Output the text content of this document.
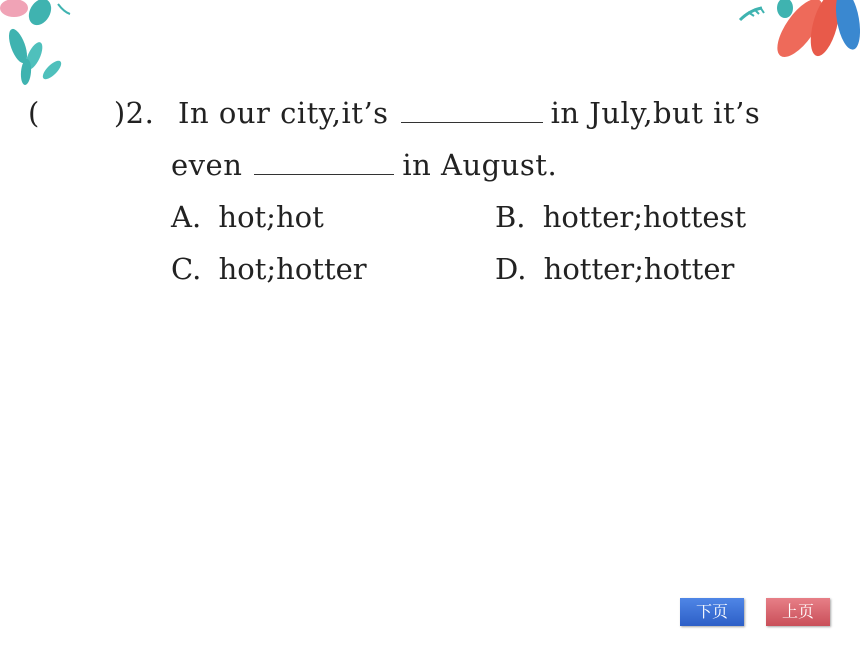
(	)2. In our city,it’s	in July,but it’s
even	in August.
A. hot;hot	B. hotter;hottest
C. hot;hotter	D. hotter;hotter
下页	上页
